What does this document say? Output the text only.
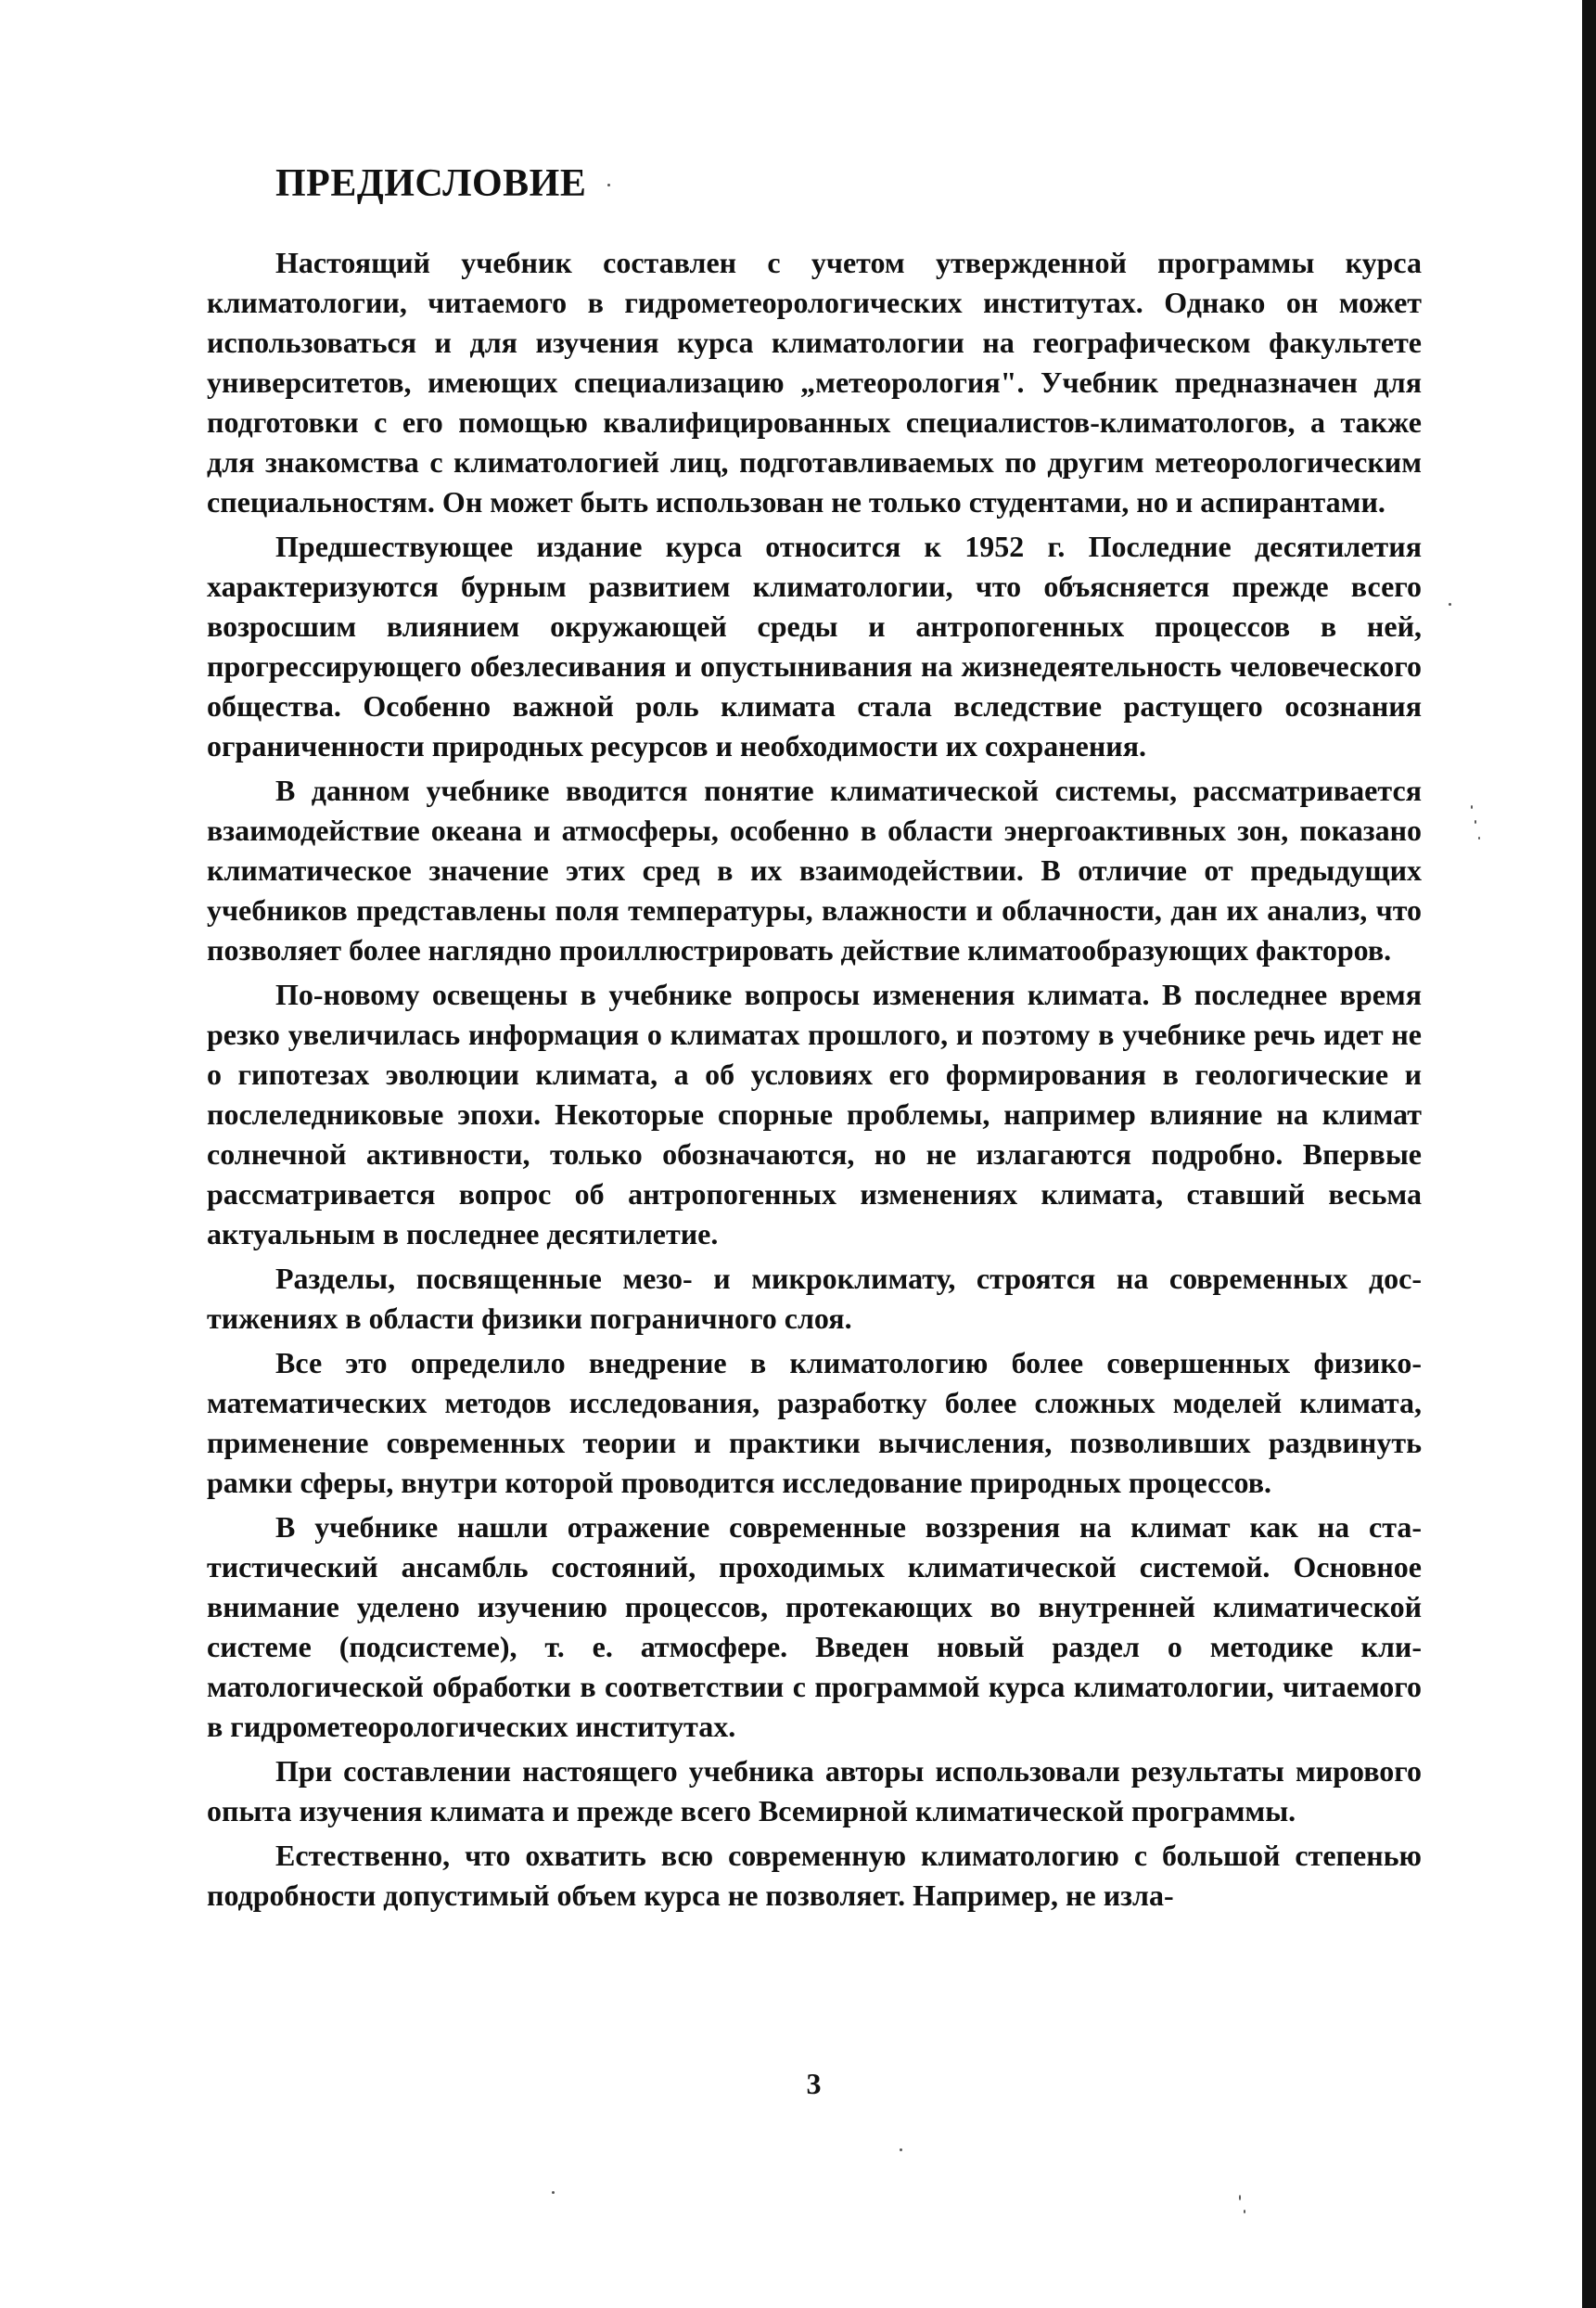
ПРЕДИСЛОВИЕ

Настоящий учебник составлен с учетом утвержденной программы курса климатологии, читаемого в гидрометеорологических институтах. Однако он может использоваться и для изучения курса климатологии на географическом факультете университетов, имеющих специализацию „метеорология". Учебник предназначен для подготовки с его помощью квалифицированных специалистов-климатологов, а также для знакомства с климатологией лиц, подготавливаемых по другим метеорологическим специальностям. Он может быть использован не только студентами, но и аспирантами.

Предшествующее издание курса относится к 1952 г. Последние десятилетия характеризуются бурным развитием климатологии, что объясняется прежде всего возросшим влиянием окружающей среды и антропогенных процессов в ней, прогрессирующего обезлесивания и опустынивания на жизнедеятельность человеческого общества. Особенно важной роль климата стала вследствие растущего осознания ограниченности природных ресурсов и необходимости их сохранения.

В данном учебнике вводится понятие климатической системы, рассматривается взаимодействие океана и атмосферы, особенно в области энергоактивных зон, показано климатическое значение этих сред в их взаимодействии. В отличие от предыдущих учебников представлены поля температуры, влажности и облачности, дан их анализ, что позволяет более наглядно проиллюстрировать действие климатообразующих факторов.

По-новому освещены в учебнике вопросы изменения климата. В последнее время резко увеличилась информация о климатах прошлого, и поэтому в учебнике речь идет не о гипотезах эволюции климата, а об условиях его формирования в геологические и послеледниковые эпохи. Некоторые спорные проблемы, например влияние на климат солнечной активности, только обозначаются, но не излагаются подробно. Впервые рассматривается вопрос об антропогенных изменениях климата, ставший весьма актуальным в последнее десятилетие.

Разделы, посвященные мезо- и микроклимату, строятся на современных достижениях в области физики пограничного слоя.

Все это определило внедрение в климатологию более совершенных физико-математических методов исследования, разработку более сложных моделей климата, применение современных теории и практики вычисления, позволивших раздвинуть рамки сферы, внутри которой проводится исследование природных процессов.

В учебнике нашли отражение современные воззрения на климат как на статистический ансамбль состояний, проходимых климатической системой. Основное внимание уделено изучению процессов, протекающих во внутренней климатической системе (подсистеме), т. е. атмосфере. Введен новый раздел о методике климатологической обработки в соответствии с программой курса климатологии, читаемого в гидрометеорологических институтах.

При составлении настоящего учебника авторы использовали результаты мирового опыта изучения климата и прежде всего Всемирной климатической программы.

Естественно, что охватить всю современную климатологию с большой степенью подробности допустимый объем курса не позволяет. Например, не изла-

3
